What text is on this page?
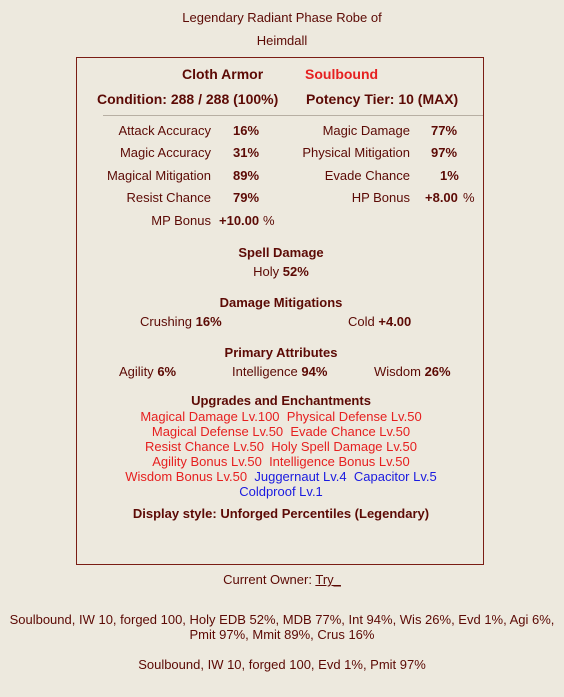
Legendary Radiant Phase Robe of
Heimdall
Cloth Armor	Soulbound
Condition: 288 / 288 (100%) Potency Tier: 10 (MAX)
Attack Accuracy 16%	Magic Damage 77%
Magic Accuracy 31%	Physical Mitigation 97%
Magical Mitigation 89%	Evade Chance 1%
Resist Chance 79%	HP Bonus +8.00 %
MP Bonus +10.00 %
Spell Damage
Holy 52%
Damage Mitigations
Crushing 16%	Cold +4.00
Primary Attributes
Agility 6%	Intelligence 94%	Wisdom 26%
Upgrades and Enchantments
Magical Damage Lv.100 Physical Defense Lv.50
Magical Defense Lv.50 Evade Chance Lv.50
Resist Chance Lv.50 Holy Spell Damage Lv.50
Agility Bonus Lv.50 Intelligence Bonus Lv.50
Wisdom Bonus Lv.50 Juggernaut Lv.4 Capacitor Lv.5
Coldproof Lv.1
Display style: Unforged Percentiles (Legendary)
Current Owner: Try_
Soulbound, IW 10, forged 100, Holy EDB 52%, MDB 77%, Int 94%, Wis 26%, Evd 1%, Agi 6%,
Pmit 97%, Mmit 89%, Crus 16%
Soulbound, IW 10, forged 100, Evd 1%, Pmit 97%
